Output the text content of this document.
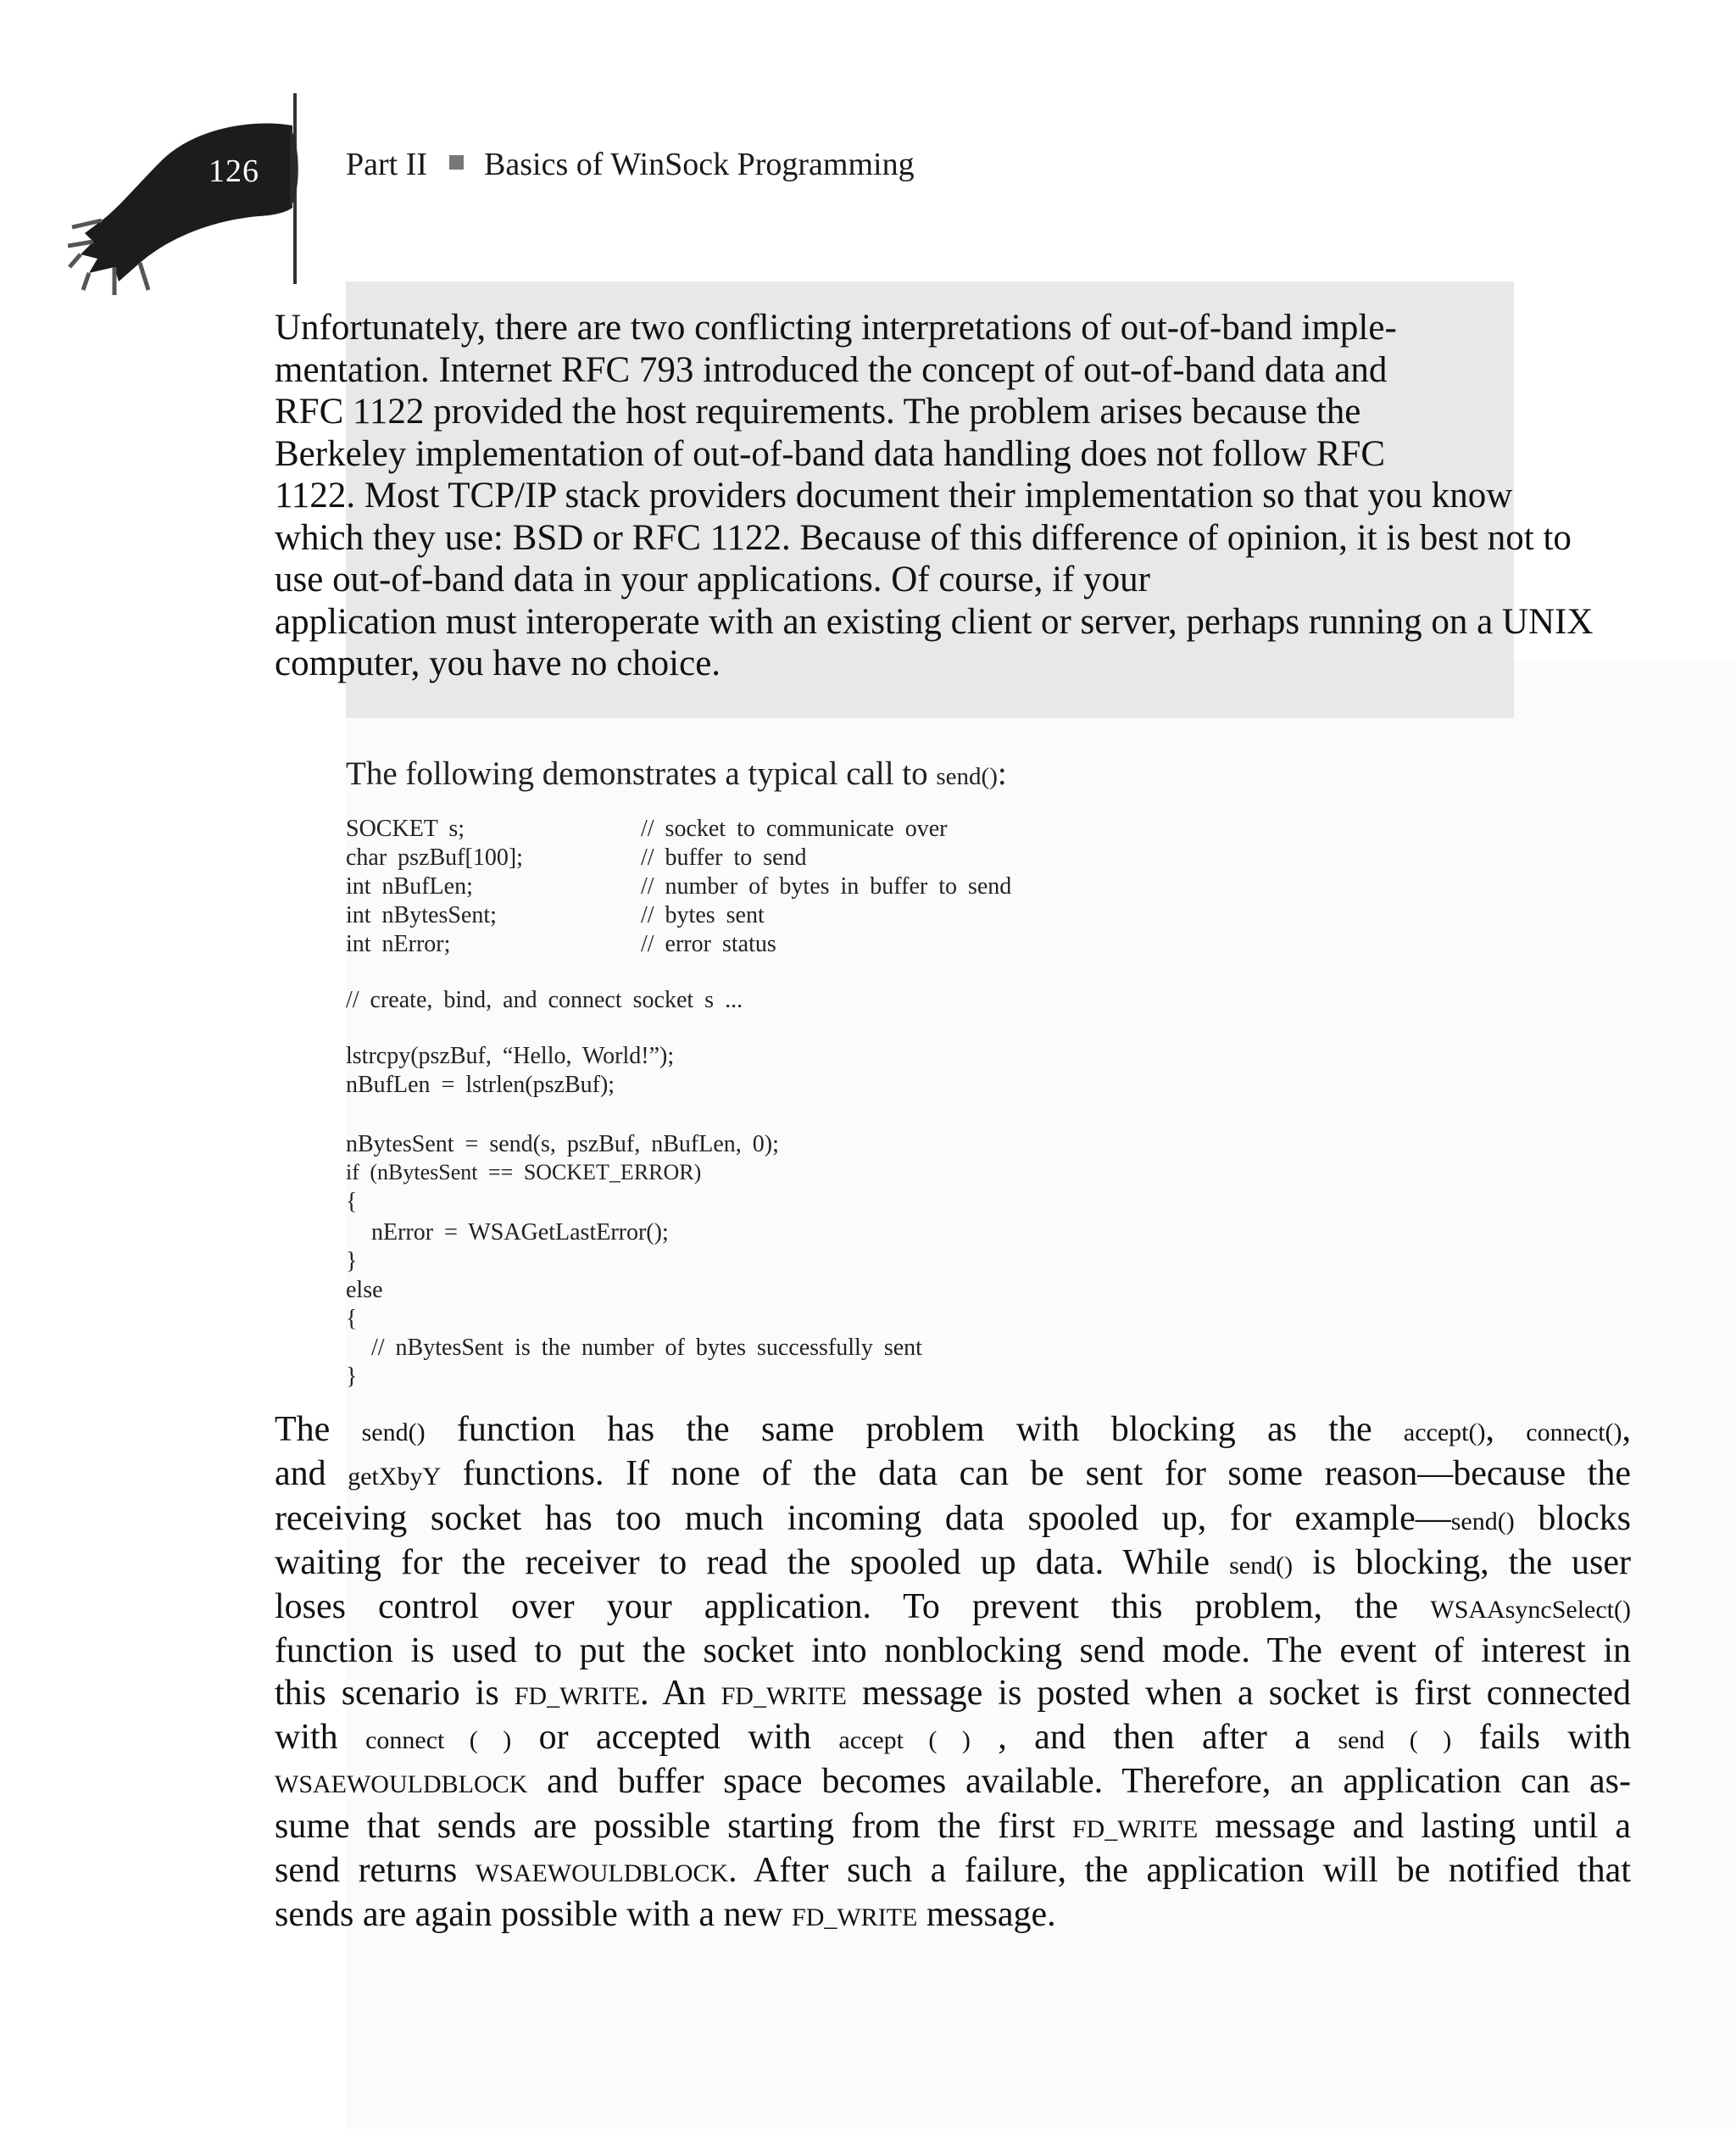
126	Part II Basics of WinSock Programming
Unfortunately, there are two conflicting interpretations of out-of-band imple-
mentation. Internet RFC 793 introduced the concept of out-of-band data and
RFC 1122 provided the host requirements. The problem arises because the
Berkeley implementation of out-of-band data handling does not follow RFC
1122. Most TCP/IP stack providers document their implementation so that you know
which they use: BSD or RFC 1122. Because of this difference of opinion, it is best not to
use out-of-band data in your applications. Of course, if your
application must interoperate with an existing client or server, perhaps running on a UNIX
computer, you have no choice.

The following demonstrates a typical call to send():

SOCKET s;	// socket to communicate over
char pszBuf[100];	// buffer to send
int nBufLen;	// number of bytes in buffer to send
int nBytesSent;	// bytes sent
int nError;	// error status
// create, bind, and connect socket s ...
lstrcpy(pszBuf, “Hello, World!”);
nBufLen = lstrlen(pszBuf);
nBytesSent = send(s, pszBuf, nBufLen, 0);
if (nBytesSent == SOCKET_ERROR)
{
nError = WSAGetLastError();
}
else
{
// nBytesSent is the number of bytes successfully sent
}
The send() function has the same problem with blocking as the accept(), connect(),
and getXbyY functions. If none of the data can be sent for some reason—because the
receiving socket has too much incoming data spooled up, for example—send() blocks
waiting for the receiver to read the spooled up data. While send() is blocking, the user
loses control over your application. To prevent this problem, the WSAAsyncSelect()
function is used to put the socket into nonblocking send mode. The event of interest in
this scenario is FD_WRITE. An FD_WRITE message is posted when a socket is first connected
with connect ( ) or accepted with accept ( ) , and then after a send ( ) fails with
WSAEWOULDBLOCK and buffer space becomes available. Therefore, an application can as-
sume that sends are possible starting from the first FD_WRITE message and lasting until a
send returns WSAEWOULDBLOCK. After such a failure, the application will be notified that
sends are again possible with a new FD_WRITE message.
